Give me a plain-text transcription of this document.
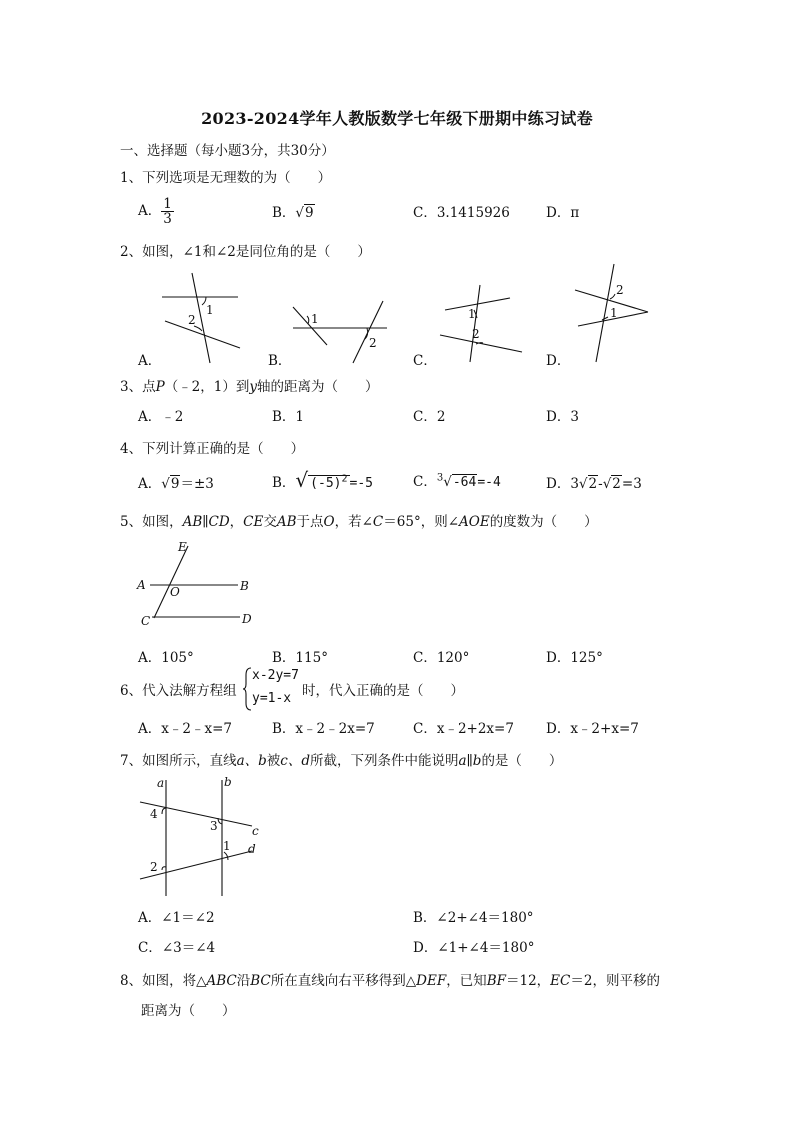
2023-2024学年人教版数学七年级下册期中练习试卷
一、选择题（每小题3分，共30分）
1、下列选项是无理数的为（　　）
A． $\frac{1}{3}$	B．√9	C．3.1415926	D．π
2、如图，∠1和∠2是同位角的是（　　）
1
2
A．
1
2
B．
1
2
C．
2
1
D．
3、点P（﹣2，1）到y轴的距离为（　　）
A．﹣2	B．1	C．2	D．3
4、下列计算正确的是（　　）
A．√9＝±3	B．√ $(-5)^2 =-5$	C．$^3$√-64=-4	D．3√2-√2=3
5、如图，AB∥CD，CE交AB于点O，若∠C＝65°，则∠AOE的度数为（　　）
E
A	B
O
C	D
A．105°	B．115°	C．120°	D．125°
6、代入法解方程组
x-2y=7
y=1-x 时，代入正确的是（　　）
A．x﹣2﹣x=7	B．x﹣2﹣2x=7	C．x﹣2+2x=7 D．x﹣2+x=7
7、如图所示，直线a、b被c、d所截，下列条件中能说明a∥b的是（　　）
a	b
c
d
4
3
1
2
A．∠1＝∠2	B．∠2+∠4＝180°
C．∠3＝∠4	D．∠1+∠4＝180°
8、如图，将△ABC沿BC所在直线向右平移得到△DEF，已知BF＝12，EC＝2，则平移的
距离为（　　）
